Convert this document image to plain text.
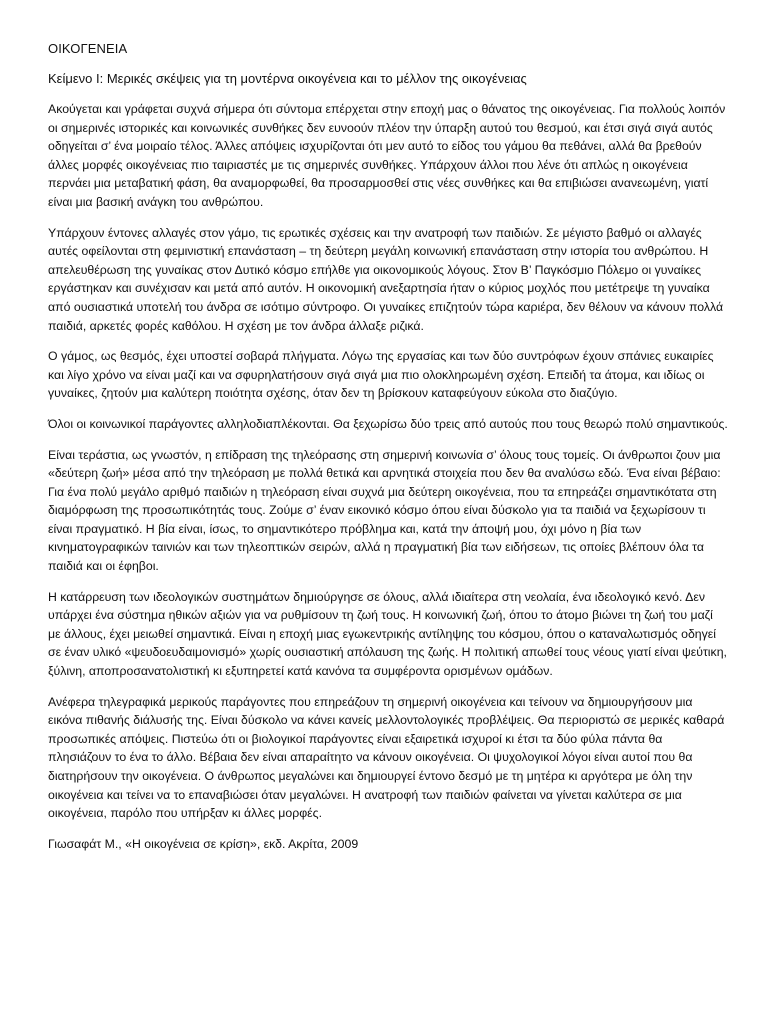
ΟΙΚΟΓΕΝΕΙΑ
Κείμενο Ι: Μερικές σκέψεις για τη μοντέρνα οικογένεια και το μέλλον της οικογένειας

Ακούγεται και γράφεται συχνά σήμερα ότι σύντομα επέρχεται στην εποχή μας ο θάνατος της οικογένειας. Για πολλούς λοιπόν οι σημερινές ιστορικές και κοινωνικές συνθήκες δεν ευνοούν πλέον την ύπαρξη αυτού του θεσμού, και έτσι σιγά σιγά αυτός οδηγείται σ’ ένα μοιραίο τέλος. Άλλες απόψεις ισχυρίζονται ότι μεν αυτό το είδος του γάμου θα πεθάνει, αλλά θα βρεθούν άλλες μορφές οικογένειας πιο ταιριαστές με τις σημερινές συνθήκες. Υπάρχουν άλλοι που λένε ότι απλώς η οικογένεια περνάει μια μεταβατική φάση, θα αναμορφωθεί, θα προσαρμοσθεί στις νέες συνθήκες και θα επιβιώσει ανανεωμένη, γιατί είναι μια βασική ανάγκη του ανθρώπου.

Υπάρχουν έντονες αλλαγές στον γάμο, τις ερωτικές σχέσεις και την ανατροφή των παιδιών. Σε μέγιστο βαθμό οι αλλαγές αυτές οφείλονται στη φεμινιστική επανάσταση – τη δεύτερη μεγάλη κοινωνική επανάσταση στην ιστορία του ανθρώπου. Η απελευθέρωση της γυναίκας στον Δυτικό κόσμο επήλθε για οικονομικούς λόγους. Στον Β’ Παγκόσμιο Πόλεμο οι γυναίκες εργάστηκαν και συνέχισαν και μετά από αυτόν. Η οικονομική ανεξαρτησία ήταν ο κύριος μοχλός που μετέτρεψε τη γυναίκα από ουσιαστικά υποτελή του άνδρα σε ισότιμο σύντροφο. Οι γυναίκες επιζητούν τώρα καριέρα, δεν θέλουν να κάνουν πολλά παιδιά, αρκετές φορές καθόλου. Η σχέση με τον άνδρα άλλαξε ριζικά.

Ο γάμος, ως θεσμός, έχει υποστεί σοβαρά πλήγματα. Λόγω της εργασίας και των δύο συντρόφων έχουν σπάνιες ευκαιρίες και λίγο χρόνο να είναι μαζί και να σφυρηλατήσουν σιγά σιγά μια πιο ολοκληρωμένη σχέση. Επειδή τα άτομα, και ιδίως οι γυναίκες, ζητούν μια καλύτερη ποιότητα σχέσης, όταν δεν τη βρίσκουν καταφεύγουν εύκολα στο διαζύγιο.

Όλοι οι κοινωνικοί παράγοντες αλληλοδιαπλέκονται. Θα ξεχωρίσω δύο τρεις από αυτούς που τους θεωρώ πολύ σημαντικούς.

Είναι τεράστια, ως γνωστόν, η επίδραση της τηλεόρασης στη σημερινή κοινωνία σ’ όλους τους τομείς. Οι άνθρωποι ζουν μια «δεύτερη ζωή» μέσα από την τηλεόραση με πολλά θετικά και αρνητικά στοιχεία που δεν θα αναλύσω εδώ. Ένα είναι βέβαιο: Για ένα πολύ μεγάλο αριθμό παιδιών η τηλεόραση είναι συχνά μια δεύτερη οικογένεια, που τα επηρεάζει σημαντικότατα στη διαμόρφωση της προσωπικότητάς τους. Ζούμε σ’ έναν εικονικό κόσμο όπου είναι δύσκολο για τα παιδιά να ξεχωρίσουν τι είναι πραγματικό. Η βία είναι, ίσως, το σημαντικότερο πρόβλημα και, κατά την άποψή μου, όχι μόνο η βία των κινηματογραφικών ταινιών και των τηλεοπτικών σειρών, αλλά η πραγματική βία των ειδήσεων, τις οποίες βλέπουν όλα τα παιδιά και οι έφηβοι.

Η κατάρρευση των ιδεολογικών συστημάτων δημιούργησε σε όλους, αλλά ιδιαίτερα στη νεολαία, ένα ιδεολογικό κενό. Δεν υπάρχει ένα σύστημα ηθικών αξιών για να ρυθμίσουν τη ζωή τους. Η κοινωνική ζωή, όπου το άτομο βιώνει τη ζωή του μαζί με άλλους, έχει μειωθεί σημαντικά. Είναι η εποχή μιας εγωκεντρικής αντίληψης του κόσμου, όπου ο καταναλωτισμός οδηγεί σε έναν υλικό «ψευδοευδαιμονισμό» χωρίς ουσιαστική απόλαυση της ζωής. Η πολιτική απωθεί τους νέους γιατί είναι ψεύτικη, ξύλινη, αποπροσανατολιστική κι εξυπηρετεί κατά κανόνα τα συμφέροντα ορισμένων ομάδων.

Ανέφερα τηλεγραφικά μερικούς παράγοντες που επηρεάζουν τη σημερινή οικογένεια και τείνουν να δημιουργήσουν μια εικόνα πιθανής διάλυσής της. Είναι δύσκολο να κάνει κανείς μελλοντολογικές προβλέψεις. Θα περιοριστώ σε μερικές καθαρά προσωπικές απόψεις. Πιστεύω ότι οι βιολογικοί παράγοντες είναι εξαιρετικά ισχυροί κι έτσι τα δύο φύλα πάντα θα πλησιάζουν το ένα το άλλο. Βέβαια δεν είναι απαραίτητο να κάνουν οικογένεια. Οι ψυχολογικοί λόγοι είναι αυτοί που θα διατηρήσουν την οικογένεια. Ο άνθρωπος μεγαλώνει και δημιουργεί έντονο δεσμό με τη μητέρα κι αργότερα με όλη την οικογένεια και τείνει να το επαναβιώσει όταν μεγαλώνει. Η ανατροφή των παιδιών φαίνεται να γίνεται καλύτερα σε μια οικογένεια, παρόλο που υπήρξαν κι άλλες μορφές.

Γιωσαφάτ Μ., «Η οικογένεια σε κρίση», εκδ. Ακρίτα, 2009
